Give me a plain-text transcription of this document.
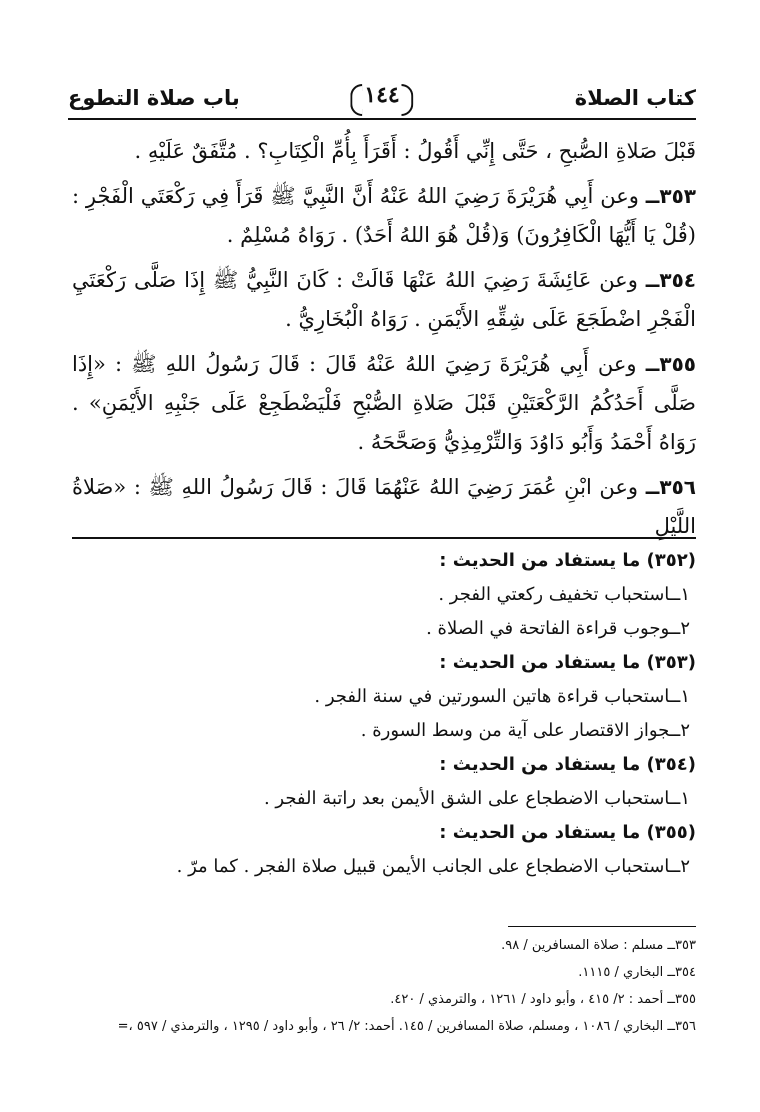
كتاب الصلاة
١٤٤
باب صلاة التطوع

قَبْلَ صَلاةِ الصُّبحِ ، حَتَّى إِنِّي أَقُولُ : أَقَرَأَ بِأُمِّ الْكِتَابِ؟ . مُتَّفَقٌ عَلَيْهِ .

٣٥٣ــ وعن أَبِي هُرَيْرَةَ رَضِيَ اللهُ عَنْهُ أَنَّ النَّبِيَّ ﷺ قَرَأَ فِي رَكْعَتَي الْفَجْرِ : (قُلْ يَا أَيُّهَا الْكَافِرُونَ) وَ(قُلْ هُوَ اللهُ أَحَدٌ) . رَوَاهُ مُسْلِمٌ .

٣٥٤ــ وعن عَائِشَةَ رَضِيَ اللهُ عَنْهَا قَالَتْ : كَانَ النَّبِيُّ ﷺ إِذَا صَلَّى رَكْعَتَيِ الْفَجْرِ اضْطَجَعَ عَلَى شِقِّهِ الأَيْمَنِ . رَوَاهُ الْبُخَارِيُّ .

٣٥٥ــ وعن أَبِي هُرَيْرَةَ رَضِيَ اللهُ عَنْهُ قَالَ : قَالَ رَسُولُ اللهِ ﷺ : «إِذَا صَلَّى أَحَدُكُمُ الرَّكْعَتَيْنِ قَبْلَ صَلاةِ الصُّبْحِ فَلْيَضْطَجِعْ عَلَى جَنْبِهِ الأَيْمَنِ» . رَوَاهُ أَحْمَدُ وَأَبُو دَاوُدَ وَالتِّرْمِذِيُّ وَصَحَّحَهُ .

٣٥٦ــ وعن ابْنِ عُمَرَ رَضِيَ اللهُ عَنْهُمَا قَالَ : قَالَ رَسُولُ اللهِ ﷺ : «صَلاةُ اللَّيْلِ

(٣٥٢) ما يستفاد من الحديث :
١ــاستحباب تخفيف ركعتي الفجر .
٢ــوجوب قراءة الفاتحة في الصلاة .
(٣٥٣) ما يستفاد من الحديث :
١ــاستحباب قراءة هاتين السورتين في سنة الفجر .
٢ــجواز الاقتصار على آية من وسط السورة .
(٣٥٤) ما يستفاد من الحديث :
١ــاستحباب الاضطجاع على الشق الأيمن بعد راتبة الفجر .
(٣٥٥) ما يستفاد من الحديث :
٢ــاستحباب الاضطجاع على الجانب الأيمن قبيل صلاة الفجر . كما مرّ .
٣٥٣ــ مسلم : صلاة المسافرين / ٩٨.
٣٥٤ــ البخاري / ١١١٥.
٣٥٥ــ أحمد : ٢/ ٤١٥ ، وأبو داود / ١٢٦١ ، والترمذي / ٤٢٠.
٣٥٦ــ البخاري / ١٠٨٦ ، ومسلم، صلاة المسافرين / ١٤٥. أحمد: ٢/ ٢٦ ، وأبو داود / ١٢٩٥ ، والترمذي / ٥٩٧ ،=
